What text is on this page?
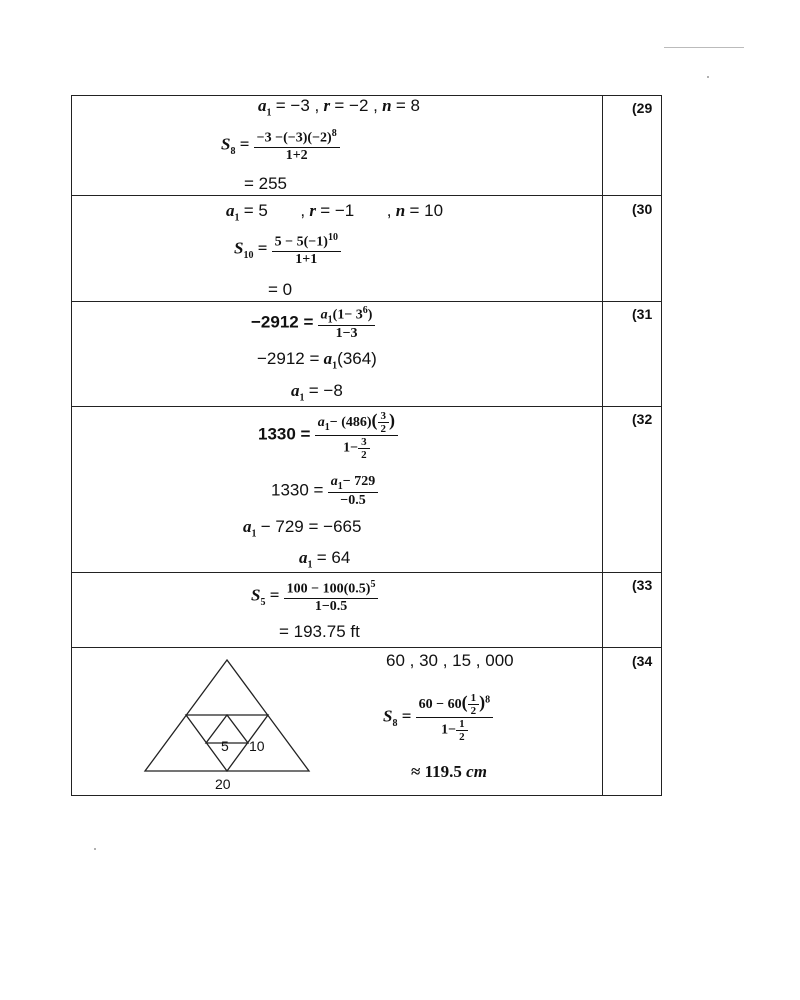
(29
$a_1 = -3$ , r = −2 , n = 8
$S_8 = \frac{-3 -(-3)(-2)^8}{1+2}$
= 255
(30
$a_1 = 5$ , r = −1 , n = 10
$S_{10} = \frac{5 - 5(-1)^{10}}{1+1}$
= 0
(31
$-2912 = \frac{a_1(1- 3^6)}{1-3}$
$-2912 = a_1(364)$
$a_1 = -8$
(32
$1330 = \frac{a_1- (486)( \frac{3}{2} )}{1- \frac{3}{2}}$
$1330 = \frac{a_1- 729}{-0.5}$
$a_1 - 729 = -665$
$a_1 = 64$
(33
$S_5 = \frac{100 - 100(0.5)^5}{1-0.5}$
= 193.75 ft
(34
60 , 30 , 15 , 000
$S_8 = \frac{60 - 60( \frac{1}{2} )^8}{1- \frac{1}{2}}$
≈ 119.5 cm
5 10
20
